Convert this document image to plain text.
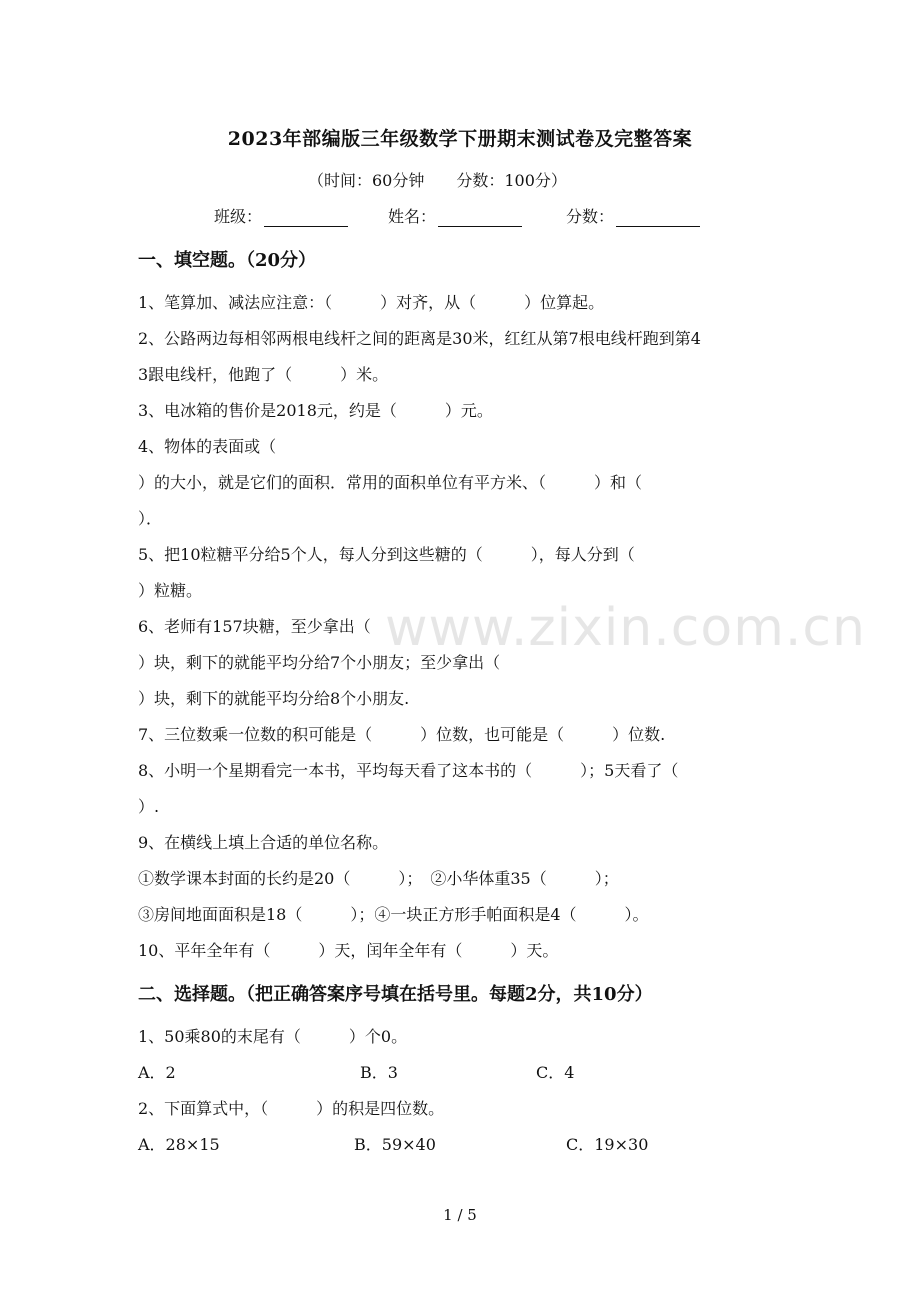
www.zixin.com.cn
2023年部编版三年级数学下册期末测试卷及完整答案
（时间：60分钟 分数：100分）
班级：	姓名：	分数：
一、填空题。（20分）
1、笔算加、减法应注意：（　　　）对齐，从（　　　）位算起。
2、公路两边每相邻两根电线杆之间的距离是30米，红红从第7根电线杆跑到第4
3跟电线杆，他跑了（　　　）米。
3、电冰箱的售价是2018元，约是（　　　）元。
4、物体的表面或（
）的大小，就是它们的面积．常用的面积单位有平方米、（　　　）和（
）．
5、把10粒糖平分给5个人，每人分到这些糖的（　　　），每人分到（
）粒糖。
6、老师有157块糖，至少拿出（
）块，剩下的就能平均分给7个小朋友；至少拿出（
）块，剩下的就能平均分给8个小朋友.
7、三位数乘一位数的积可能是（　　　）位数，也可能是（　　　）位数.
8、小明一个星期看完一本书，平均每天看了这本书的（　　　）；5天看了（
）.
9、在横线上填上合适的单位名称。
①数学课本封面的长约是20（　　　）；　②小华体重35（　　　）；
③房间地面面积是18（　　　）；④一块正方形手帕面积是4（　　　）。
10、平年全年有（　　　）天，闰年全年有（　　　）天。
二、选择题。（把正确答案序号填在括号里。每题2分，共10分）
1、50乘80的末尾有（　　　）个0。
A．2	B．3	C．4
2、下面算式中，（　　　）的积是四位数。
A．28×15	B．59×40	C．19×30
1 / 5
